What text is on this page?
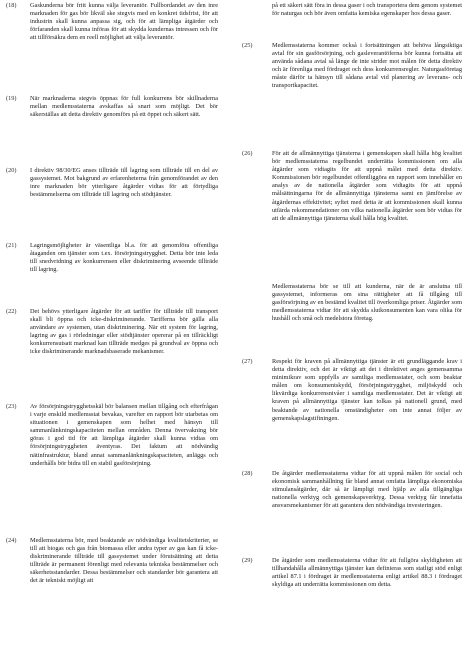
(18)	Gaskunderna bör fritt kunna välja leverantör. Fullbordandet av den inre marknaden för gas bör likväl ske stegvis med en konkret tidsfrist, för att industrin skall kunna anpassa sig, och för att lämpliga åtgärder och förfaranden skall kunna införas för att skydda kundernas intressen och för att tillförsäkra dem en reell möjlighet att välja leverantör.
(19)	När marknaderna stegvis öppnas för full konkurrens bör skillnaderna mellan medlemsstaterna avskaffas så snart som möjligt. Det bör säkerställas att detta direktiv genomförs på ett öppet och säkert sätt.
(20)	I direktiv 98/30/EG anses tillträde till lagring som tillträde till en del av gassystemet. Mot bakgrund av erfarenheterna från genomförandet av den inre marknaden bör ytterligare åtgärder vidtas för att förtydliga bestämmelserna om tillträde till lagring och stödtjänster.
(21)	Lagringsmöjligheter är väsentliga bl.a. för att genomföra offentliga åtaganden om tjänster som t.ex. försörjningstrygghet. Detta bör inte leda till snedvridning av konkurrensen eller diskriminering avseende tillträde till lagring.
(22)	Det behövs ytterligare åtgärder för att tariffer för tillträde till transport skall bli öppna och icke-diskriminerande. Tarifferna bör gälla alla användare av systemen, utan diskriminering. När ett system för lagring, lagring av gas i rörledningar eller stödtjänster opererar på en tillräckligt konkurrensutsatt marknad kan tillträde medges på grundval av öppna och icke diskriminerande marknadsbaserade mekanismer.
(23)	Av försörjningstrygghetsskäl bör balansen mellan tillgång och efterfrågan i varje enskild medlemsstat bevakas, varefter en rapport bör utarbetas om situationen i gemenskapen som helhet med hänsyn till sammanlänkningskapaciteten mellan områden. Denna övervakning bör göras i god tid för att lämpliga åtgärder skall kunna vidtas om försörjningstryggheten äventyras. Det faktum att nödvändig nätinfrastruktur, bland annat sammanlänkningskapaciteten, anläggs och underhålls bör bidra till en stabil gasförsörjning.
(24)	Medlemsstaterna bör, med beaktande av nödvändiga kvalitetskriterier, se till att biogas och gas från biomassa eller andra typer av gas kan få icke-diskriminerande tillträde till gassystemet under förutsättning att detta tillträde är permanent förenligt med relevanta tekniska bestämmelser och säkerhetsstandarder. Dessa bestämmelser och standarder bör garantera att det är tekniskt möjligt att
på ett säkert sätt föra in dessa gaser i och transportera dem genom systemet för naturgas och bör även omfatta kemiska egenskaper hos dessa gaser.
(25)	Medlemsstaterna kommer också i fortsättningen att behöva långsiktiga avtal för sin gasförsörjning, och gasleverantöferna bör kunna fortsätta att använda sådana avtal så länge de inte strider mot målen för detta direktiv och är förenliga med fördraget och dess konkurrensregler. Naturgasföretag måste därför ta hänsyn till sådana avtal vid planering av leverans- och transportkapacitet.
(26)	För att de allmännyttiga tjänsterna i gemenskapen skall hålla hög kvalitet bör medlemsstaterna regelbundet underrätta kommissionen om alla åtgärder som vidtagits för att uppnå målet med detta direktiv. Kommissionen bör regelbundet offentliggöra en rapport som innehåller en analys av de nationella åtgärder som vidtagits för att uppnå målsättningarna för de allmännyttiga tjänsterna samt en jämförelse av åtgärdernas effektivitet; syftet med detta är att kommissionen skall kunna utfärda rekommendationer om vilka nationella åtgärder som bör vidtas för att de allmännyttiga tjänsterna skall hålla hög kvalitet.
Medlemsstaterna bör se till att kunderna, när de är anslutna till gassystemet, informeras om sina rättigheter att få tillgång till gasförsörjning av en bestämd kvalitet till överkomliga priser. Åtgärder som medlemsstaterna vidtar för att skydda slutkonsumenten kan vara olika för hushåll och små och medelstora företag.
(27)	Respekt för kraven på allmännyttiga tjänster är ett grundläggande krav i detta direktiv, och det är viktigt att det i direktivet anges gemensamma minimikrav som uppfylls av samtliga medlemsstater, och som beaktar målen om konsumentskydd, försörjningstrygghet, miljöskydd och likvärdiga konkurrensnivåer i samtliga medlemsstater. Det är viktigt att kraven på allmännyttiga tjänster kan tolkas på nationell grund, med beaktande av nationella omständigheter om inte annat följer av gemenskapslagstiftningen.
(28)	De åtgärder medlemsstaterna vidtar för att uppnå målen för social och ekonomisk sammanhållning får bland annat omfatta lämpliga ekonomiska stimulansåtgärder, där så är lämpligt med hjälp av alla tillgängliga nationella verktyg och gemenskapsverktyg. Dessa verktyg får innefatta ansvarsmekanismer för att garantera den nödvändiga investeringen.
(29)	De åtgärder som medlemsstaterna vidtar för att fullgöra skyldigheten att tillhandahålla allmännyttiga tjänster kan definieras som statligt stöd enligt artikel 87.1 i fördraget är medlemsstaterna enligt artikel 88.3 i fördraget skyldiga att underrätta kommissionen om detta.
